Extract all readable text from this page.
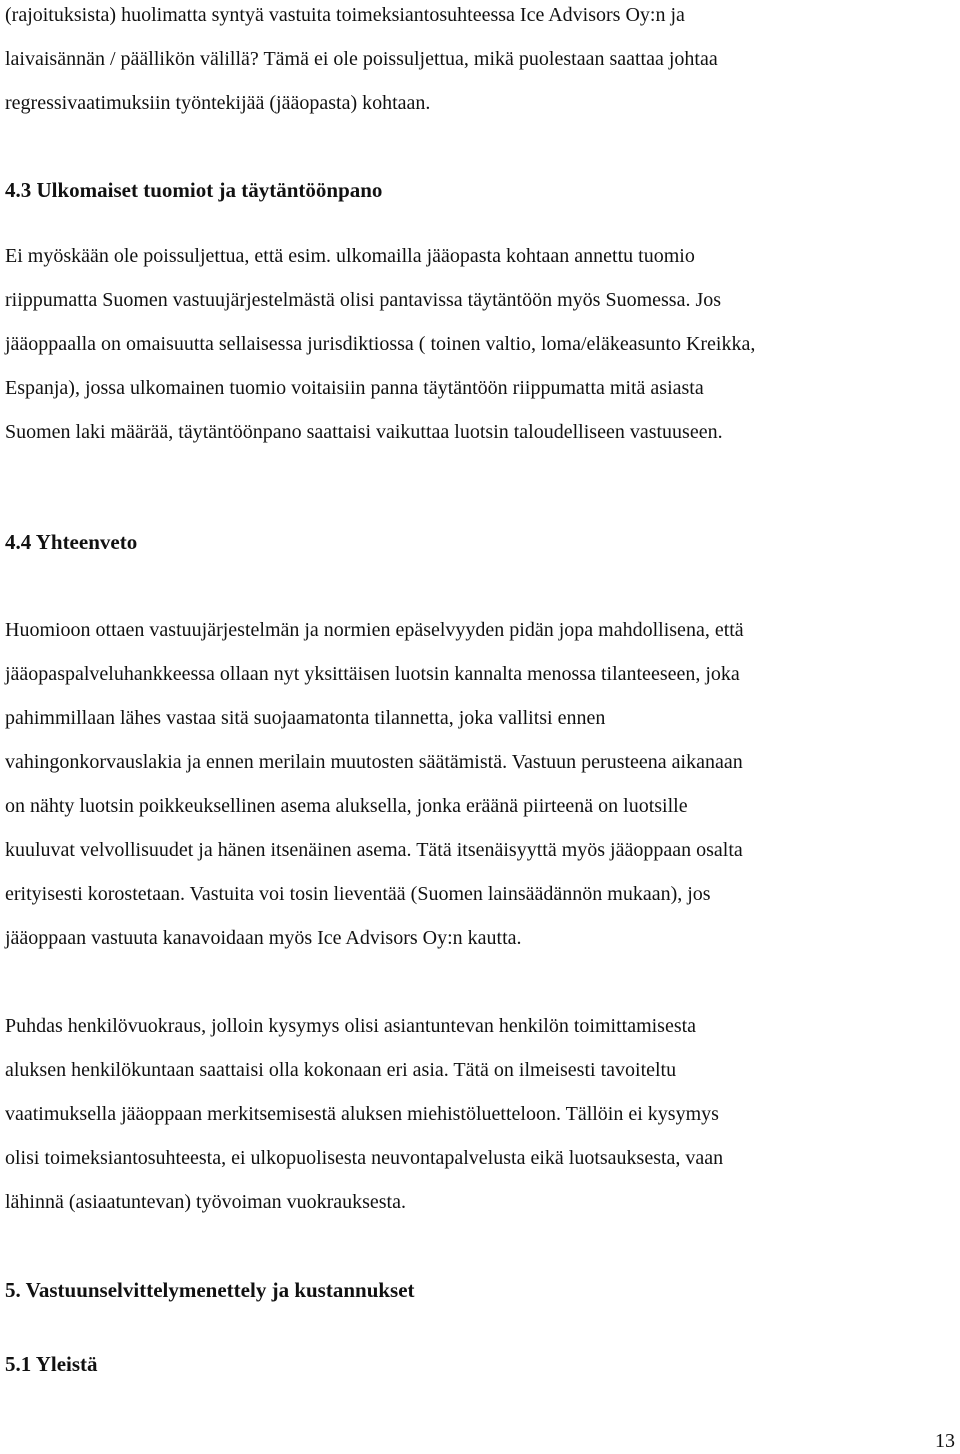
(rajoituksista) huolimatta syntyä vastuita toimeksiantosuhteessa Ice Advisors Oy:n ja
laivaisännän / päällikön välillä? Tämä ei ole poissuljettua, mikä puolestaan saattaa johtaa
regressivaatimuksiin työntekijää (jääopasta) kohtaan.
4.3 Ulkomaiset tuomiot ja täytäntöönpano
Ei myöskään ole poissuljettua, että esim. ulkomailla jääopasta kohtaan annettu tuomio
riippumatta Suomen vastuujärjestelmästä olisi pantavissa täytäntöön myös Suomessa. Jos
jääoppaalla on omaisuutta sellaisessa jurisdiktiossa ( toinen valtio, loma/eläkeasunto Kreikka,
Espanja), jossa ulkomainen tuomio voitaisiin panna täytäntöön riippumatta mitä asiasta
Suomen laki määrää, täytäntöönpano saattaisi vaikuttaa luotsin taloudelliseen vastuuseen.
4.4 Yhteenveto
Huomioon ottaen vastuujärjestelmän ja normien epäselvyyden pidän jopa mahdollisena, että
jääopaspalveluhankkeessa ollaan nyt yksittäisen luotsin kannalta menossa tilanteeseen, joka
pahimmillaan lähes vastaa sitä suojaamatonta tilannetta, joka vallitsi ennen
vahingonkorvauslakia ja ennen merilain muutosten säätämistä. Vastuun perusteena aikanaan
on nähty luotsin poikkeuksellinen asema aluksella, jonka eräänä piirteenä on luotsille
kuuluvat velvollisuudet ja hänen itsenäinen asema. Tätä itsenäisyyttä myös jääoppaan osalta
erityisesti korostetaan. Vastuita voi tosin lieventää (Suomen lainsäädännön mukaan), jos
jääoppaan vastuuta kanavoidaan myös Ice Advisors Oy:n kautta.
Puhdas henkilövuokraus, jolloin kysymys olisi asiantuntevan henkilön toimittamisesta
aluksen henkilökuntaan saattaisi olla kokonaan eri asia. Tätä on ilmeisesti tavoiteltu
vaatimuksella jääoppaan merkitsemisestä aluksen miehistöluetteloon. Tällöin ei kysymys
olisi toimeksiantosuhteesta, ei ulkopuolisesta neuvontapalvelusta eikä luotsauksesta, vaan
lähinnä (asiaatuntevan) työvoiman vuokrauksesta.
5. Vastuunselvittelymenettely ja kustannukset
5.1 Yleistä
13
